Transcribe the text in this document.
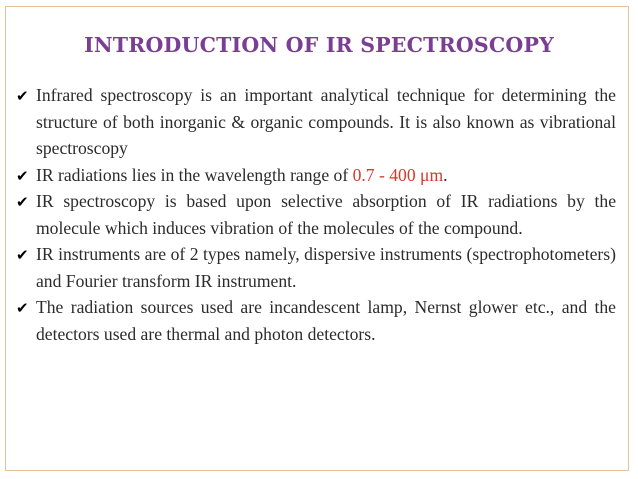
INTRODUCTION OF IR SPECTROSCOPY
✔ Infrared spectroscopy is an important analytical technique for determining the structure of both inorganic & organic compounds. It is also known as vibrational spectroscopy
✔ IR radiations lies in the wavelength range of 0.7 - 400 μm.
✔ IR spectroscopy is based upon selective absorption of IR radiations by the molecule which induces vibration of the molecules of the compound.
✔ IR instruments are of 2 types namely, dispersive instruments (spectrophotometers) and Fourier transform IR instrument.
✔ The radiation sources used are incandescent lamp, Nernst glower etc., and the detectors used are thermal and photon detectors.
